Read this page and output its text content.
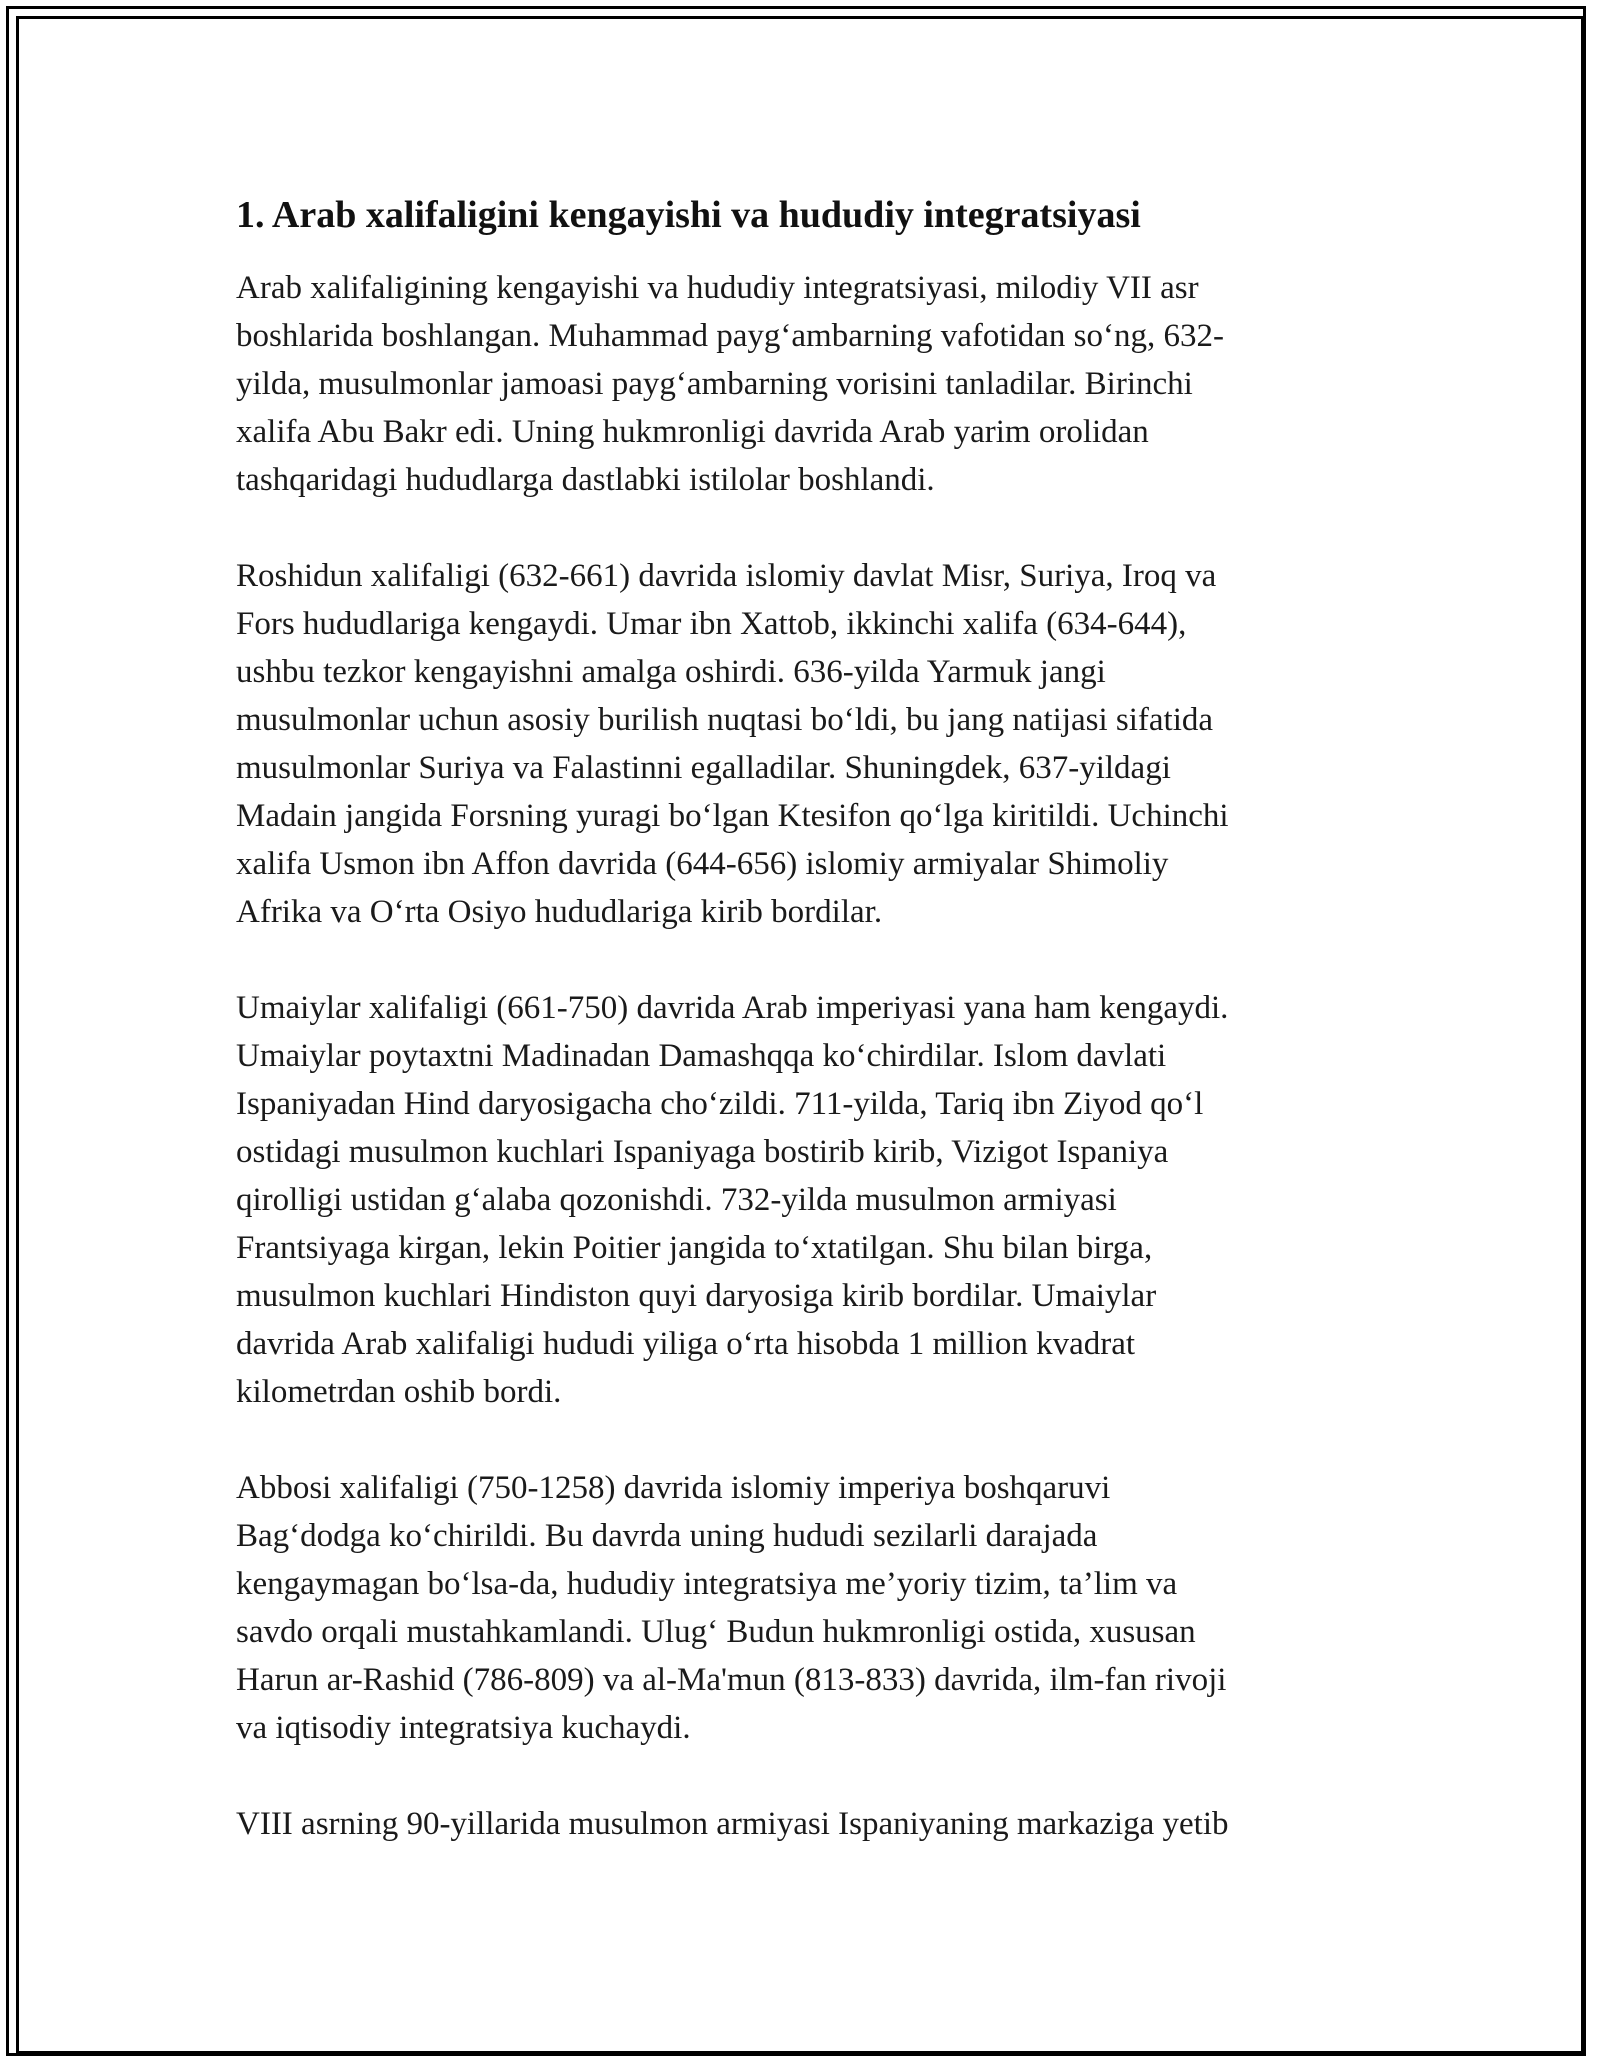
1. Arab xalifaligini kengayishi va hududiy integratsiyasi

Arab xalifaligining kengayishi va hududiy integratsiyasi, milodiy VII asr
boshlarida boshlangan. Muhammad payg‘ambarning vafotidan so‘ng, 632-
yilda, musulmonlar jamoasi payg‘ambarning vorisini tanladilar. Birinchi
xalifa Abu Bakr edi. Uning hukmronligi davrida Arab yarim orolidan
tashqaridagi hududlarga dastlabki istilolar boshlandi.

Roshidun xalifaligi (632-661) davrida islomiy davlat Misr, Suriya, Iroq va
Fors hududlariga kengaydi. Umar ibn Xattob, ikkinchi xalifa (634-644),
ushbu tezkor kengayishni amalga oshirdi. 636-yilda Yarmuk jangi
musulmonlar uchun asosiy burilish nuqtasi bo‘ldi, bu jang natijasi sifatida
musulmonlar Suriya va Falastinni egalladilar. Shuningdek, 637-yildagi
Madain jangida Forsning yuragi bo‘lgan Ktesifon qo‘lga kiritildi. Uchinchi
xalifa Usmon ibn Affon davrida (644-656) islomiy armiyalar Shimoliy
Afrika va O‘rta Osiyo hududlariga kirib bordilar.

Umaiylar xalifaligi (661-750) davrida Arab imperiyasi yana ham kengaydi.
Umaiylar poytaxtni Madinadan Damashqqa ko‘chirdilar. Islom davlati
Ispaniyadan Hind daryosigacha cho‘zildi. 711-yilda, Tariq ibn Ziyod qo‘l
ostidagi musulmon kuchlari Ispaniyaga bostirib kirib, Vizigot Ispaniya
qirolligi ustidan g‘alaba qozonishdi. 732-yilda musulmon armiyasi
Frantsiyaga kirgan, lekin Poitier jangida to‘xtatilgan. Shu bilan birga,
musulmon kuchlari Hindiston quyi daryosiga kirib bordilar. Umaiylar
davrida Arab xalifaligi hududi yiliga o‘rta hisobda 1 million kvadrat
kilometrdan oshib bordi.

Abbosi xalifaligi (750-1258) davrida islomiy imperiya boshqaruvi
Bag‘dodga ko‘chirildi. Bu davrda uning hududi sezilarli darajada
kengaymagan bo‘lsa-da, hududiy integratsiya me’yoriy tizim, ta’lim va
savdo orqali mustahkamlandi. Ulug‘ Budun hukmronligi ostida, xususan
Harun ar-Rashid (786-809) va al-Ma'mun (813-833) davrida, ilm-fan rivoji
va iqtisodiy integratsiya kuchaydi.

VIII asrning 90-yillarida musulmon armiyasi Ispaniyaning markaziga yetib
